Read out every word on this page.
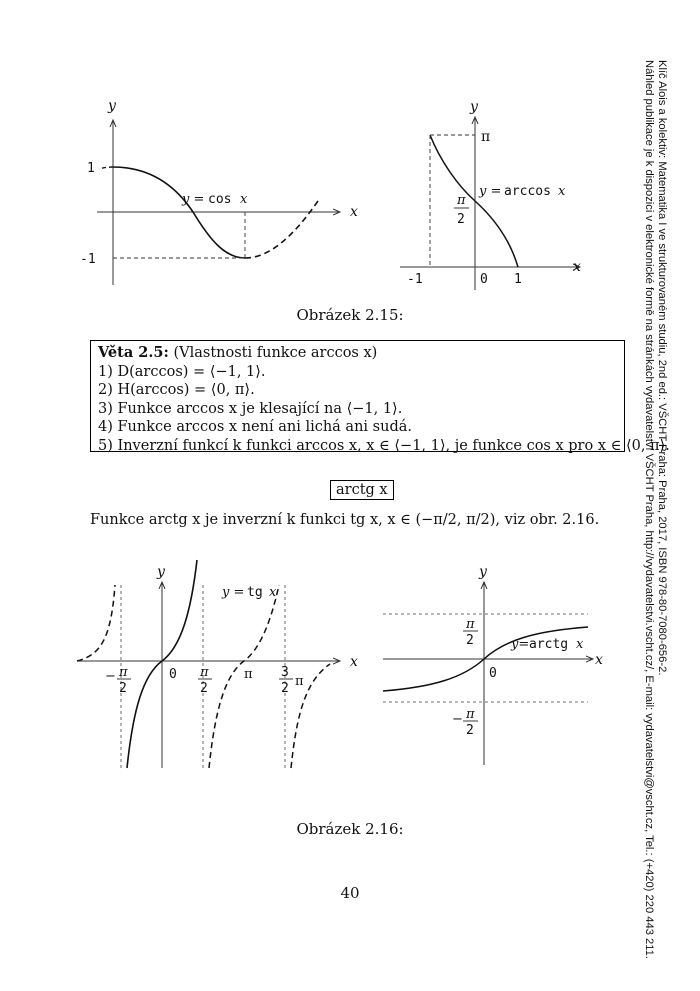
Klíč Alois a kolektiv: Matematika I ve strukturovaném studiu, 2nd ed.: VŠCHT Praha: Praha, 2017, ISBN 978-80-7080-656-2.
Náhled publikace je k dispozici v elektronické formě na stránkách vydavatelství VŠCHT Praha, http://vydavatelstvi.vscht.cz/, E-mail: vydavatelstvi@vscht.cz, Tel.: (+420) 220 443 211.
y
x
1
-1
y = cos x
y
x
π
π
2
-1	0 1
y = arccos x
Obrázek 2.15:
Věta 2.5: (Vlastnosti funkce arccos x)
1) D(arccos) = ⟨−1, 1⟩.
2) H(arccos) = ⟨0, π⟩.
3) Funkce arccos x je klesající na ⟨−1, 1⟩.
4) Funkce arccos x není ani lichá ani sudá.
5) Inverzní funkcí k funkci arccos x, x ∈ ⟨−1, 1⟩, je funkce cos x pro x ∈ ⟨0, π⟩.
arctg x
Funkce arctg x je inverzní k funkci tg x, x ∈ (−π/2, π/2), viz obr. 2.16.
y
x
y = tg x
− π
2
0 π
2
π 3
2 π
y
x
π
2
0
− π
2
y= arctg x
Obrázek 2.16:
40
